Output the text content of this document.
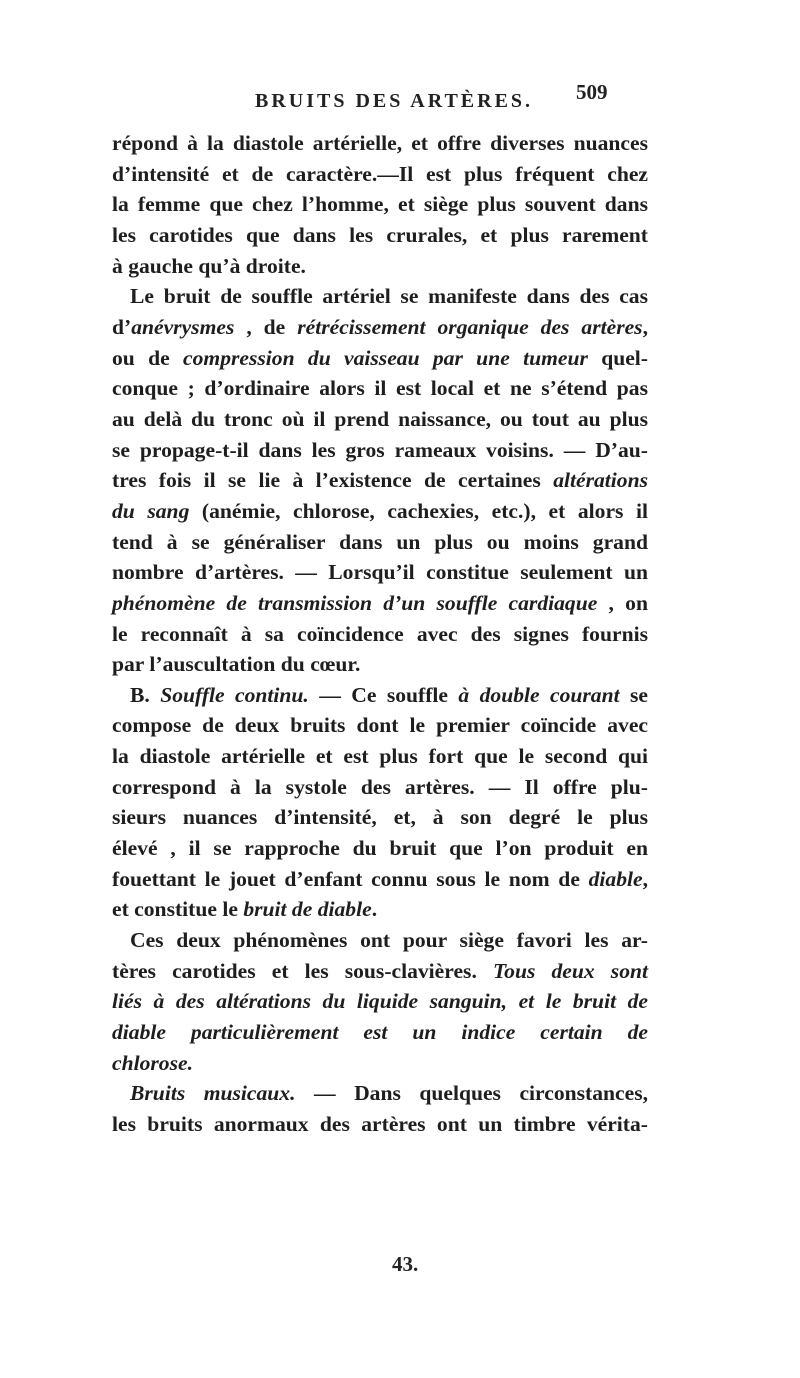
BRUITS DES ARTÈRES. 509
répond à la diastole artérielle, et offre diverses nuances
d’intensité et de caractère.—Il est plus fréquent chez
la femme que chez l’homme, et siège plus souvent dans
les carotides que dans les crurales, et plus rarement
à gauche qu’à droite.
Le bruit de souffle artériel se manifeste dans des cas
d’anévrysmes , de rétrécissement organique des artères,
ou de compression du vaisseau par une tumeur quel-
conque ; d’ordinaire alors il est local et ne s’étend pas
au delà du tronc où il prend naissance, ou tout au plus
se propage-t-il dans les gros rameaux voisins. — D’au-
tres fois il se lie à l’existence de certaines altérations
du sang (anémie, chlorose, cachexies, etc.), et alors il
tend à se généraliser dans un plus ou moins grand
nombre d’artères. — Lorsqu’il constitue seulement un
phénomène de transmission d’un souffle cardiaque , on
le reconnaît à sa coïncidence avec des signes fournis
par l’auscultation du cœur.
B. Souffle continu. — Ce souffle à double courant se
compose de deux bruits dont le premier coïncide avec
la diastole artérielle et est plus fort que le second qui
correspond à la systole des artères. — Il offre plu-
sieurs nuances d’intensité, et, à son degré le plus
élevé , il se rapproche du bruit que l’on produit en
fouettant le jouet d’enfant connu sous le nom de diable,
et constitue le bruit de diable.
Ces deux phénomènes ont pour siège favori les ar-
tères carotides et les sous-clavières. Tous deux sont
liés à des altérations du liquide sanguin, et le bruit de
diable particulièrement est un indice certain de
chlorose.
Bruits musicaux. — Dans quelques circonstances,
les bruits anormaux des artères ont un timbre vérita-
43.
